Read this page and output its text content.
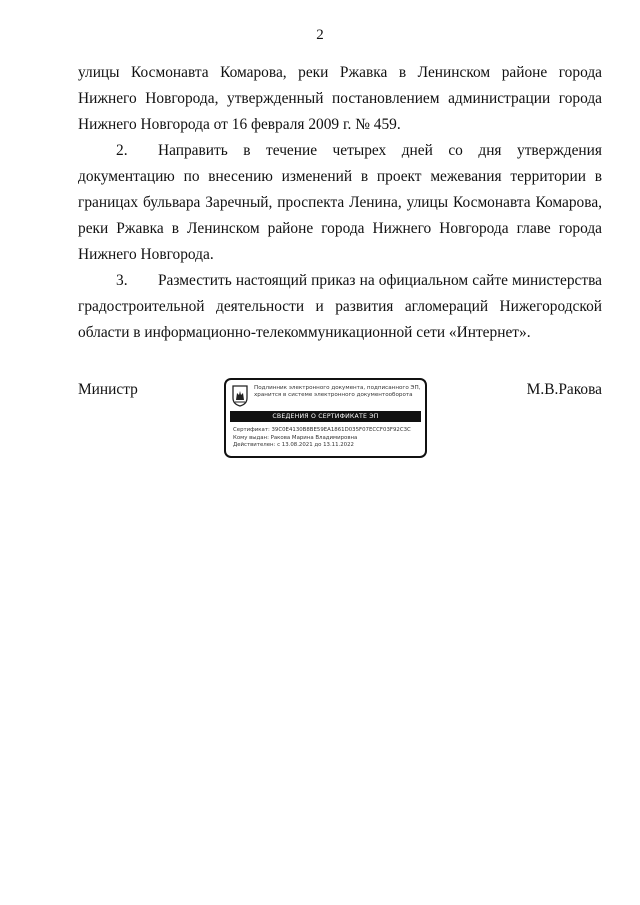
2

улицы Космонавта Комарова, реки Ржавка в Ленинском районе города Нижнего Новгорода, утвержденный постановлением администрации города Нижнего Новгорода от 16 февраля 2009 г. № 459.

2. Направить в течение четырех дней со дня утверждения документацию по внесению изменений в проект межевания территории в границах бульвара Заречный, проспекта Ленина, улицы Космонавта Комарова, реки Ржавка в Ленинском районе города Нижнего Новгорода главе города Нижнего Новгорода.

3. Разместить настоящий приказ на официальном сайте министерства градостроительной деятельности и развития агломераций Нижегородской области в информационно-телекоммуникационной сети «Интернет».

Министр	Подлинник электронного документа, подписанного ЭП, хранится в системе электронного документооборота
СВЕДЕНИЯ О СЕРТИФИКАТЕ ЭП
Сертификат: 39C0E4130B8BE59EA1861D035F07ECCF03F92C3C
Кому выдан: Ракова Марина Владимировна
Действителен: с 13.08.2021 до 13.11.2022
М.В.Ракова
